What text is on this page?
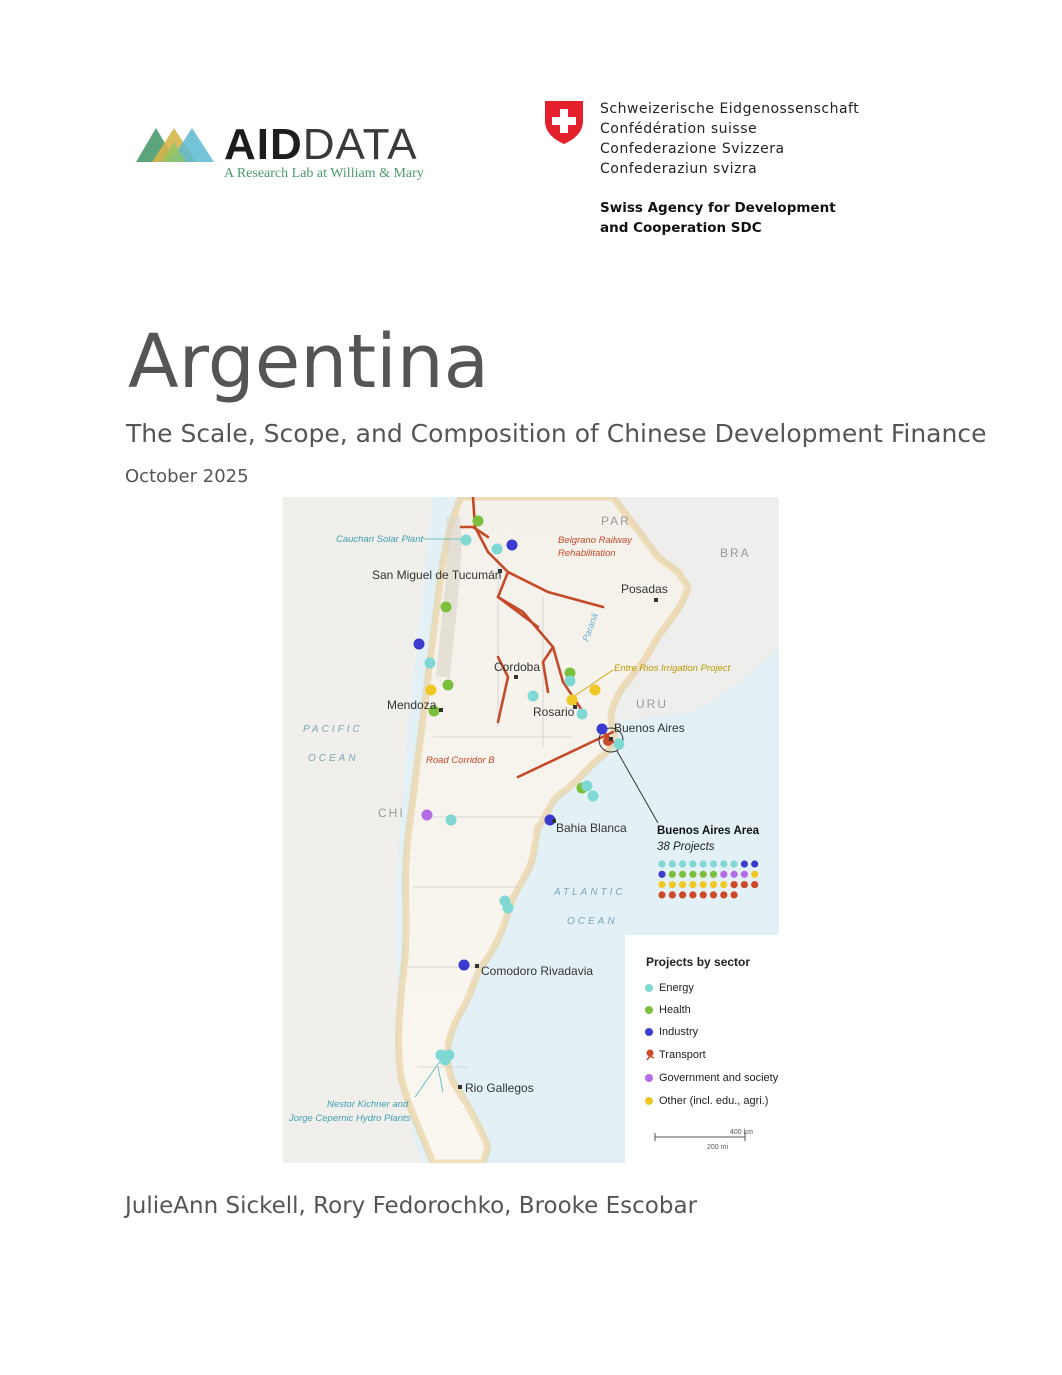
AIDDATA
A Research Lab at William & Mary
Schweizerische Eidgenossenschaft
Confédération suisse
Confederazione Svizzera
Confederaziun svizra
Swiss Agency for Development
and Cooperation SDC
Argentina
The Scale, Scope, and Composition of Chinese Development Finance
October 2025
PAR
BRA
URU
CHI
PACIFIC
OCEAN
ATLANTIC
OCEAN
San Miguel de Tucumán
Posadas
Cordoba
Mendoza	Rosario
Buenos Aires
Bahia Blanca
Comodoro Rivadavia
Rio Gallegos
Paraná
Cauchari Solar Plant	Belgrano Railway
Rehabilitation
Entre Rios Irrigation Project
Road Corridor B
Nestor Kichner and
Jorge Cepernic Hydro Plants
Buenos Aires Area
38 Projects
Projects by sector
Energy
Health
Industry
Transport
Government and society
Other (incl. edu., agri.)
400 km
200 mi
JulieAnn Sickell, Rory Fedorochko, Brooke Escobar
